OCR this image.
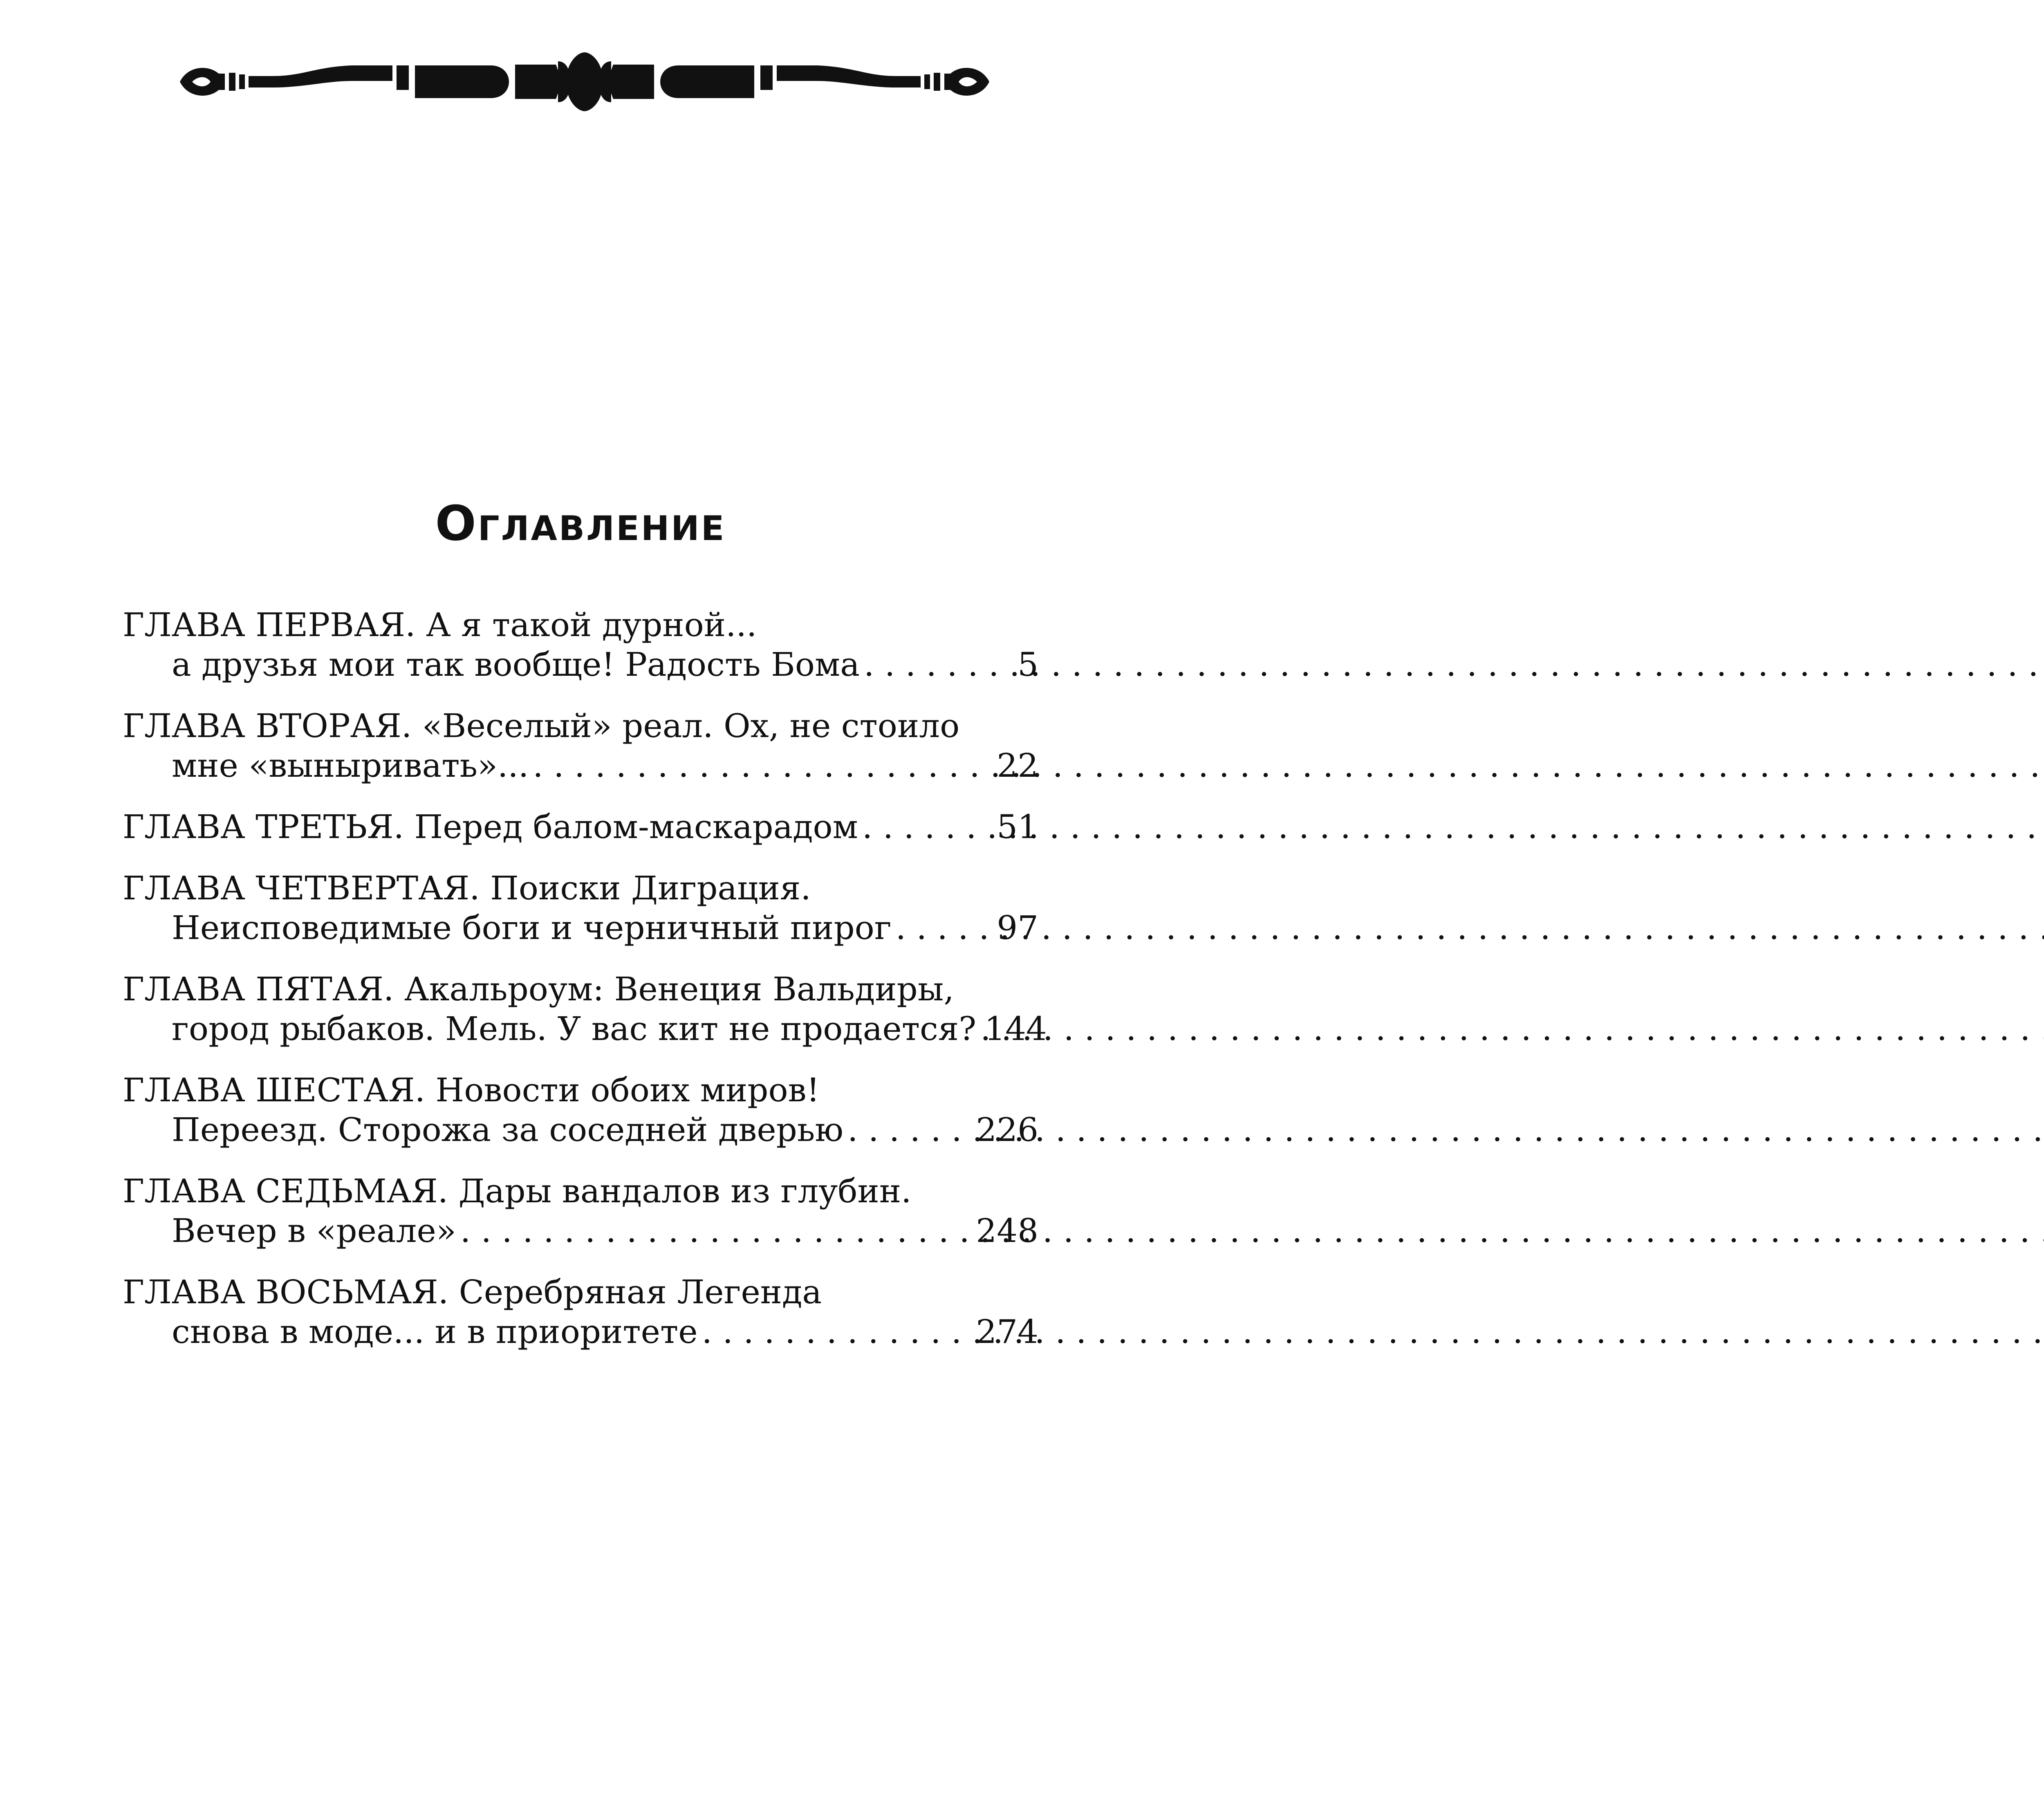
Оглавление
ГЛАВА ПЕРВАЯ. А я такой дурной...
а друзья мои так вообще! Радость Бома . . .	5
ГЛАВА ВТОРАЯ. «Веселый» реал. Ох, не стоило
мне «выныривать»... . . .	22
ГЛАВА ТРЕТЬЯ. Перед балом-маскарадом . . .	51
ГЛАВА ЧЕТВЕРТАЯ. Поиски Диграция.
Неисповедимые боги и черничный пирог . . .	97
ГЛАВА ПЯТАЯ. Акальроум: Венеция Вальдиры,
город рыбаков. Мель. У вас кит не продается? . . . 144
ГЛАВА ШЕСТАЯ. Новости обоих миров!
Переезд. Сторожа за соседней дверью . . .	226
ГЛАВА СЕДЬМАЯ. Дары вандалов из глубин.
Вечер в «реале» . . .	248
ГЛАВА ВОСЬМАЯ. Серебряная Легенда
снова в моде... и в приоритете . . .	274
